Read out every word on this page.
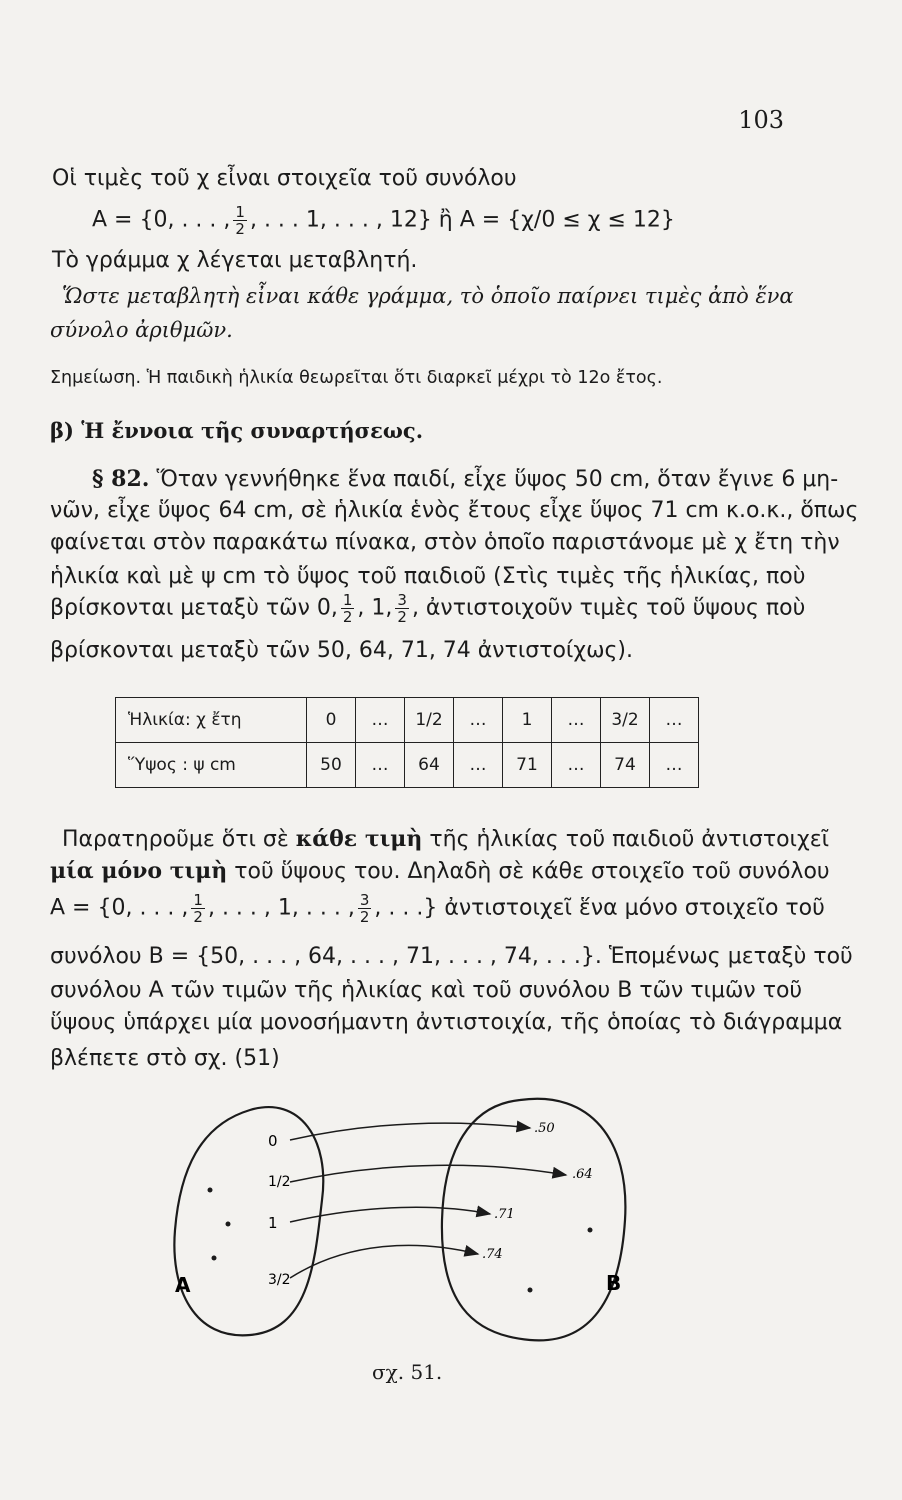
103
Οἱ τιμὲς τοῦ χ εἶναι στοιχεῖα τοῦ συνόλου
Α = {0, . . . , $\frac{1}{2}$ , . . . 1, . . . , 12} ἢ Α = {χ/0 ≤ χ ≤ 12}
Τὸ γράμμα χ λέγεται μεταβλητή.
Ὥστε μεταβλητὴ εἶναι κάθε γράμμα, τὸ ὁποῖο παίρνει τιμὲς ἀπὸ ἕνα
σύνολο ἀριθμῶν.
Σημείωση. Ἡ παιδικὴ ἡλικία θεωρεῖται ὅτι διαρκεῖ μέχρι τὸ 12ο ἔτος.
β) Ἡ ἔννοια τῆς συναρτήσεως.
§ 82. Ὅταν γεννήθηκε ἕνα παιδί, εἶχε ὕψος 50 cm, ὅταν ἔγινε 6 μη-
νῶν, εἶχε ὕψος 64 cm, σὲ ἡλικία ἑνὸς ἔτους εἶχε ὕψος 71 cm κ.ο.κ., ὅπως
φαίνεται στὸν παρακάτω πίνακα, στὸν ὁποῖο παριστάνομε μὲ χ ἔτη τὴν
ἡλικία καὶ μὲ ψ cm τὸ ὕψος τοῦ παιδιοῦ (Στὶς τιμὲς τῆς ἡλικίας, ποὺ
βρίσκονται μεταξὺ τῶν 0, $\frac{1}{2}$ , 1, $\frac{3}{2}$ , ἀντιστοιχοῦν τιμὲς τοῦ ὕψους ποὺ
βρίσκονται μεταξὺ τῶν 50, 64, 71, 74 ἀντιστοίχως).
Ἡλικία: χ ἔτη	0	…	1/2	…	1	…	3/2	…
Ὕψος : ψ cm	50	…	64	…	71	…	74	…
Παρατηροῦμε ὅτι σὲ κάθε τιμὴ τῆς ἡλικίας τοῦ παιδιοῦ ἀντιστοιχεῖ
μία μόνο τιμὴ τοῦ ὕψους του. Δηλαδὴ σὲ κάθε στοιχεῖο τοῦ συνόλου
Α = {0, . . . , $\frac{1}{2}$ , . . . , 1, . . . , $\frac{3}{2}$ , . . .} ἀντιστοιχεῖ ἕνα μόνο στοιχεῖο τοῦ
συνόλου Β = {50, . . . , 64, . . . , 71, . . . , 74, . . .}. Ἑπομένως μεταξὺ τοῦ
συνόλου Α τῶν τιμῶν τῆς ἡλικίας καὶ τοῦ συνόλου Β τῶν τιμῶν τοῦ
ὕψους ὑπάρχει μία μονοσήμαντη ἀντιστοιχία, τῆς ὁποίας τὸ διάγραμμα
βλέπετε στὸ σχ. (51)
0
1/2
1
3/2
.50
.64
.71
.74
Α	Β
σχ. 51.
